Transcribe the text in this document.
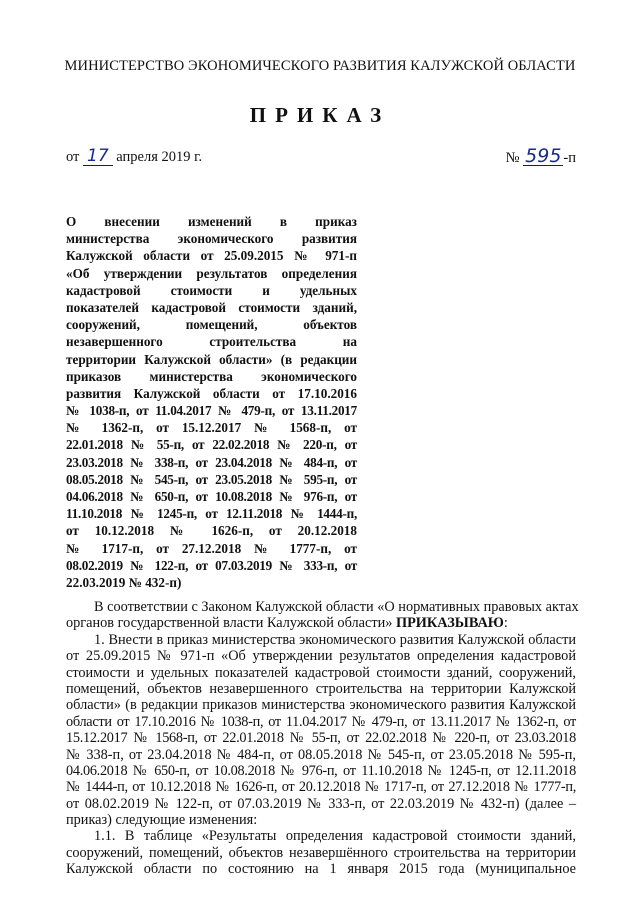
МИНИСТЕРСТВО ЭКОНОМИЧЕСКОГО РАЗВИТИЯ КАЛУЖСКОЙ ОБЛАСТИ
ПРИКАЗ
от 17 апреля 2019 г.	№ 595 -п
О внесении изменений в приказ
министерства экономического развития
Калужской области от 25.09.2015 № 971-п
«Об утверждении результатов определения
кадастровой стоимости и удельных
показателей кадастровой стоимости зданий,
сооружений, помещений, объектов
незавершенного строительства на
территории Калужской области» (в редакции
приказов министерства экономического
развития Калужской области от 17.10.2016
№ 1038-п, от 11.04.2017 № 479-п, от 13.11.2017
№ 1362-п, от 15.12.2017 № 1568-п, от
22.01.2018 № 55-п, от 22.02.2018 № 220-п, от
23.03.2018 № 338-п, от 23.04.2018 № 484-п, от
08.05.2018 № 545-п, от 23.05.2018 № 595-п, от
04.06.2018 № 650-п, от 10.08.2018 № 976-п, от
11.10.2018 № 1245-п, от 12.11.2018 № 1444-п,
от 10.12.2018 № 1626-п, от 20.12.2018
№ 1717-п, от 27.12.2018 № 1777-п, от
08.02.2019 № 122-п, от 07.03.2019 № 333-п, от
22.03.2019 № 432-п)
В соответствии с Законом Калужской области «О нормативных правовых актах
органов государственной власти Калужской области» ПРИКАЗЫВАЮ:
1. Внести в приказ министерства экономического развития Калужской области
от 25.09.2015 № 971-п «Об утверждении результатов определения кадастровой
стоимости и удельных показателей кадастровой стоимости зданий, сооружений,
помещений, объектов незавершенного строительства на территории Калужской
области» (в редакции приказов министерства экономического развития Калужской
области от 17.10.2016 № 1038-п, от 11.04.2017 № 479-п, от 13.11.2017 № 1362-п, от
15.12.2017 № 1568-п, от 22.01.2018 № 55-п, от 22.02.2018 № 220-п, от 23.03.2018
№ 338-п, от 23.04.2018 № 484-п, от 08.05.2018 № 545-п, от 23.05.2018 № 595-п,
04.06.2018 № 650-п, от 10.08.2018 № 976-п, от 11.10.2018 № 1245-п, от 12.11.2018
№ 1444-п, от 10.12.2018 № 1626-п, от 20.12.2018 № 1717-п, от 27.12.2018 № 1777-п,
от 08.02.2019 № 122-п, от 07.03.2019 № 333-п, от 22.03.2019 № 432-п) (далее –
приказ) следующие изменения:
1.1. В таблице «Результаты определения кадастровой стоимости зданий,
сооружений, помещений, объектов незавершённого строительства на территории
Калужской области по состоянию на 1 января 2015 года (муниципальное
